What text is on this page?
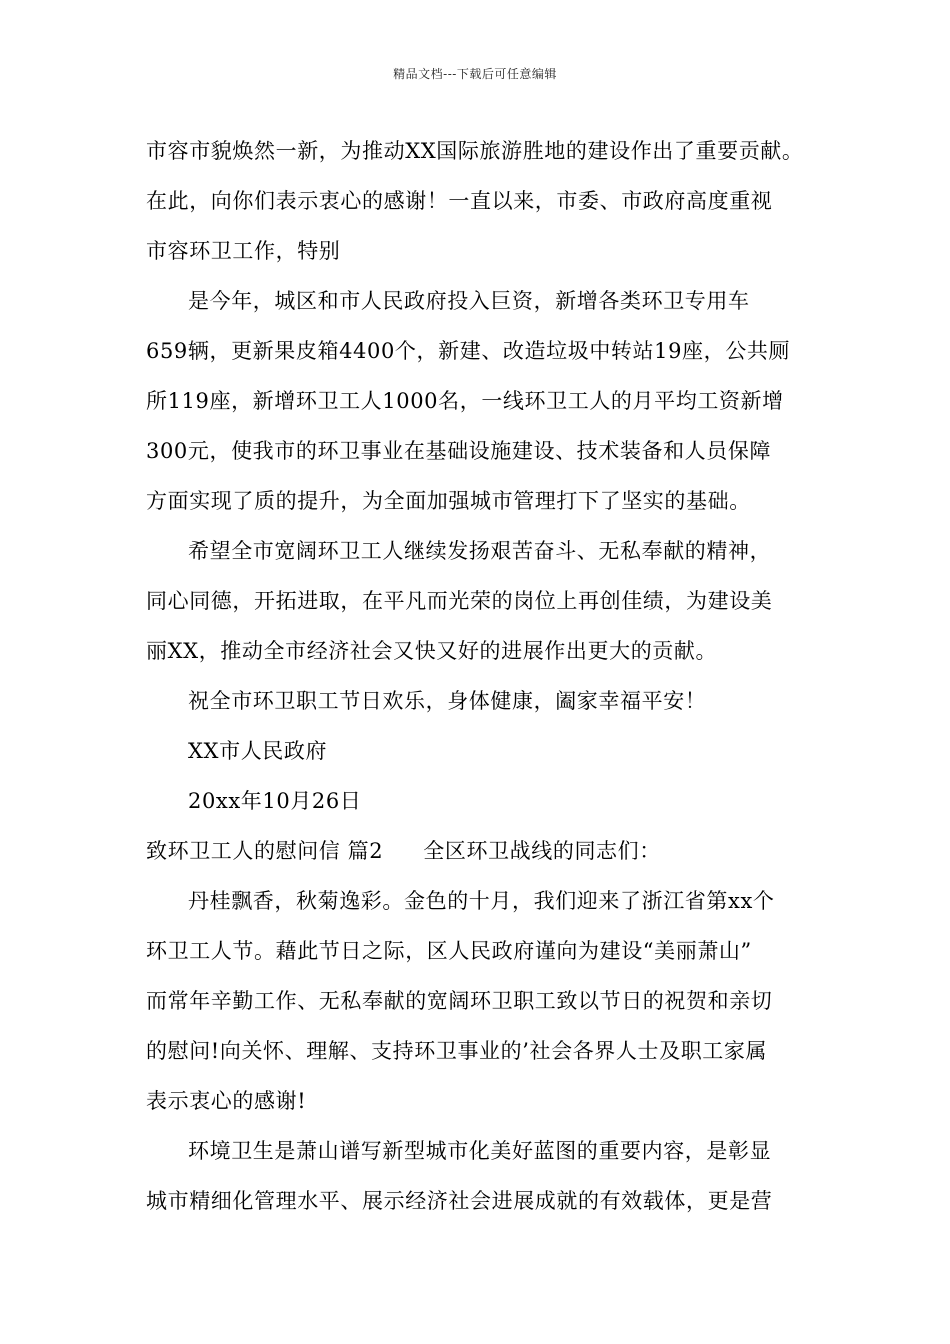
精品文档---下载后可任意编辑
市容市貌焕然一新，为推动XX国际旅游胜地的建设作出了重要贡献。
在此，向你们表示衷心的感谢！一直以来，市委、市政府高度重视
市容环卫工作，特别
是今年，城区和市人民政府投入巨资，新增各类环卫专用车
659辆，更新果皮箱4400个，新建、改造垃圾中转站19座，公共厕
所119座，新增环卫工人1000名，一线环卫工人的月平均工资新增
300元，使我市的环卫事业在基础设施建设、技术装备和人员保障
方面实现了质的提升，为全面加强城市管理打下了坚实的基础。
希望全市宽阔环卫工人继续发扬艰苦奋斗、无私奉献的精神，
同心同德，开拓进取，在平凡而光荣的岗位上再创佳绩，为建设美
丽XX，推动全市经济社会又快又好的进展作出更大的贡献。
祝全市环卫职工节日欢乐，身体健康，阖家幸福平安！
XX市人民政府
20xx年10月26日
致环卫工人的慰问信 篇2 全区环卫战线的同志们：
丹桂飘香，秋菊逸彩。金色的十月，我们迎来了浙江省第xx个
环卫工人节。藉此节日之际，区人民政府谨向为建设“美丽萧山”
而常年辛勤工作、无私奉献的宽阔环卫职工致以节日的祝贺和亲切
的慰问!向关怀、理解、支持环卫事业的’社会各界人士及职工家属
表示衷心的感谢!
环境卫生是萧山谱写新型城市化美好蓝图的重要内容，是彰显
城市精细化管理水平、展示经济社会进展成就的有效载体，更是营
